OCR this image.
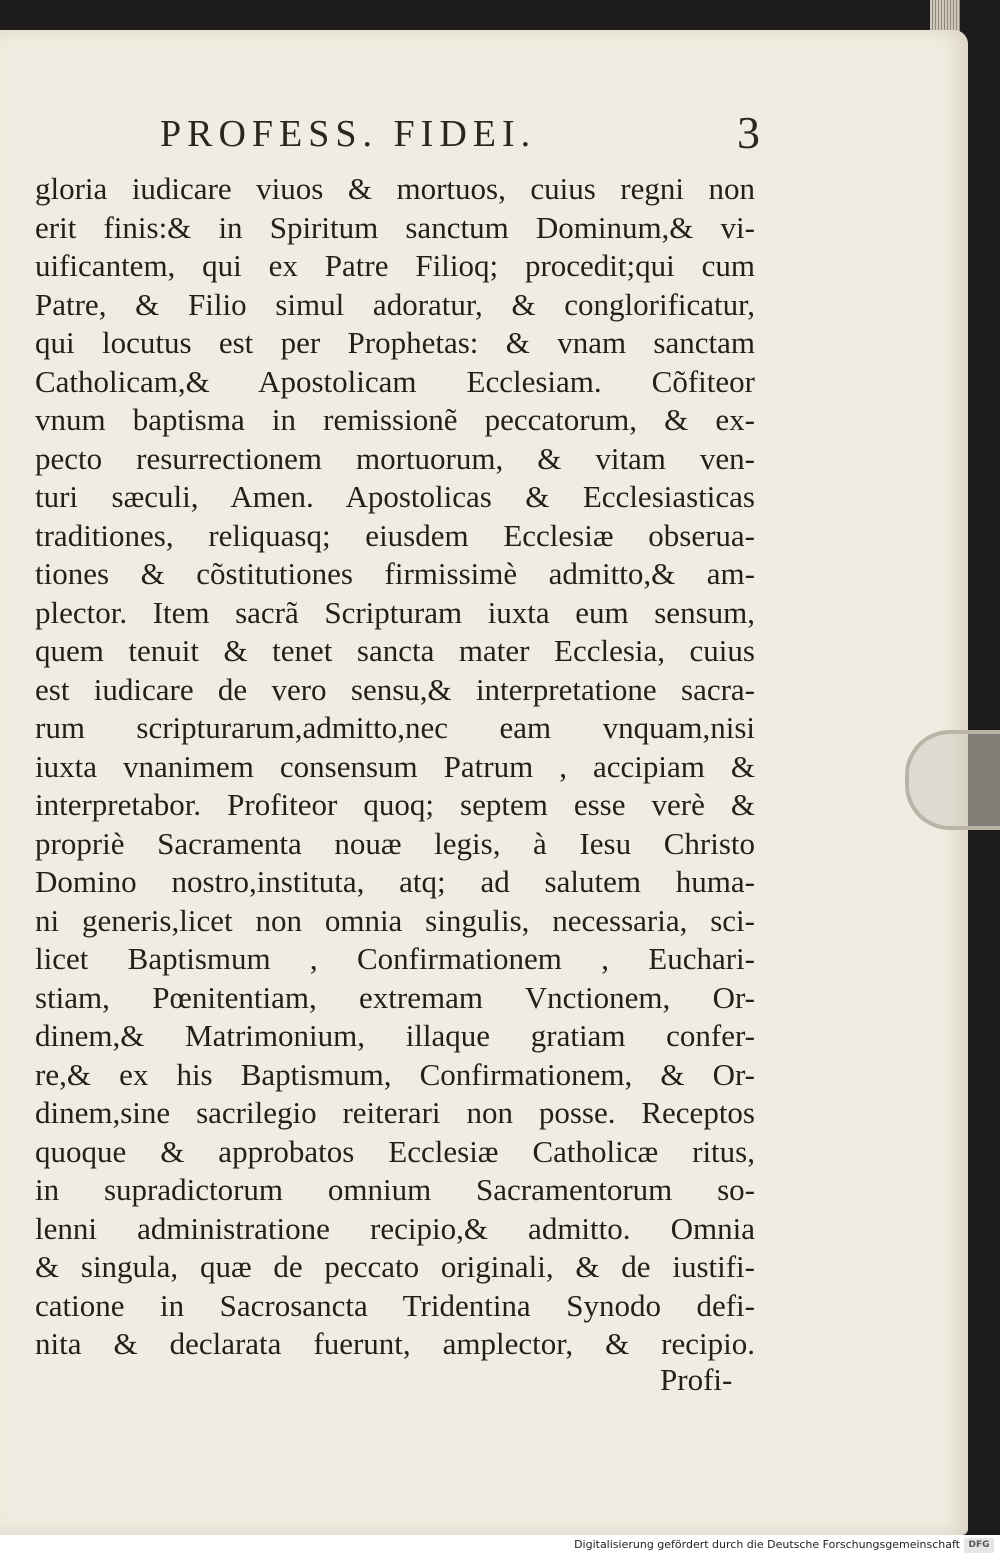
PROFESS. FIDEI.	3
gloria iudicare viuos & mortuos, cuius regni non
erit finis:& in Spiritum sanctum Dominum,& vi-
uificantem, qui ex Patre Filioq; procedit;qui cum
Patre, & Filio simul adoratur, & conglorificatur,
qui locutus est per Prophetas: & vnam sanctam
Catholicam,& Apostolicam Ecclesiam. Cõfiteor
vnum baptisma in remissionẽ peccatorum, & ex-
pecto resurrectionem mortuorum, & vitam ven-
turi sæculi, Amen. Apostolicas & Ecclesiasticas
traditiones, reliquasq; eiusdem Ecclesiæ obserua-
tiones & cõstitutiones firmissimè admitto,& am-
plector. Item sacrã Scripturam iuxta eum sensum,
quem tenuit & tenet sancta mater Ecclesia, cuius
est iudicare de vero sensu,& interpretatione sacra-
rum scripturarum,admitto,nec eam vnquam,nisi
iuxta vnanimem consensum Patrum , accipiam &
interpretabor. Profiteor quoq; septem esse verè &
propriè Sacramenta nouæ legis, à Iesu Christo
Domino nostro,instituta, atq; ad salutem huma-
ni generis,licet non omnia singulis, necessaria, sci-
licet Baptismum , Confirmationem , Euchari-
stiam, Pœnitentiam, extremam Vnctionem, Or-
dinem,& Matrimonium, illaque gratiam confer-
re,& ex his Baptismum, Confirmationem, & Or-
dinem,sine sacrilegio reiterari non posse. Receptos
quoque & approbatos Ecclesiæ Catholicæ ritus,
in supradictorum omnium Sacramentorum so-
lenni administratione recipio,& admitto. Omnia
& singula, quæ de peccato originali, & de iustifi-
catione in Sacrosancta Tridentina Synodo defi-
nita & declarata fuerunt, amplector, & recipio.
Profi-
Digitalisierung gefördert durch die Deutsche Forschungsgemeinschaft DFG
